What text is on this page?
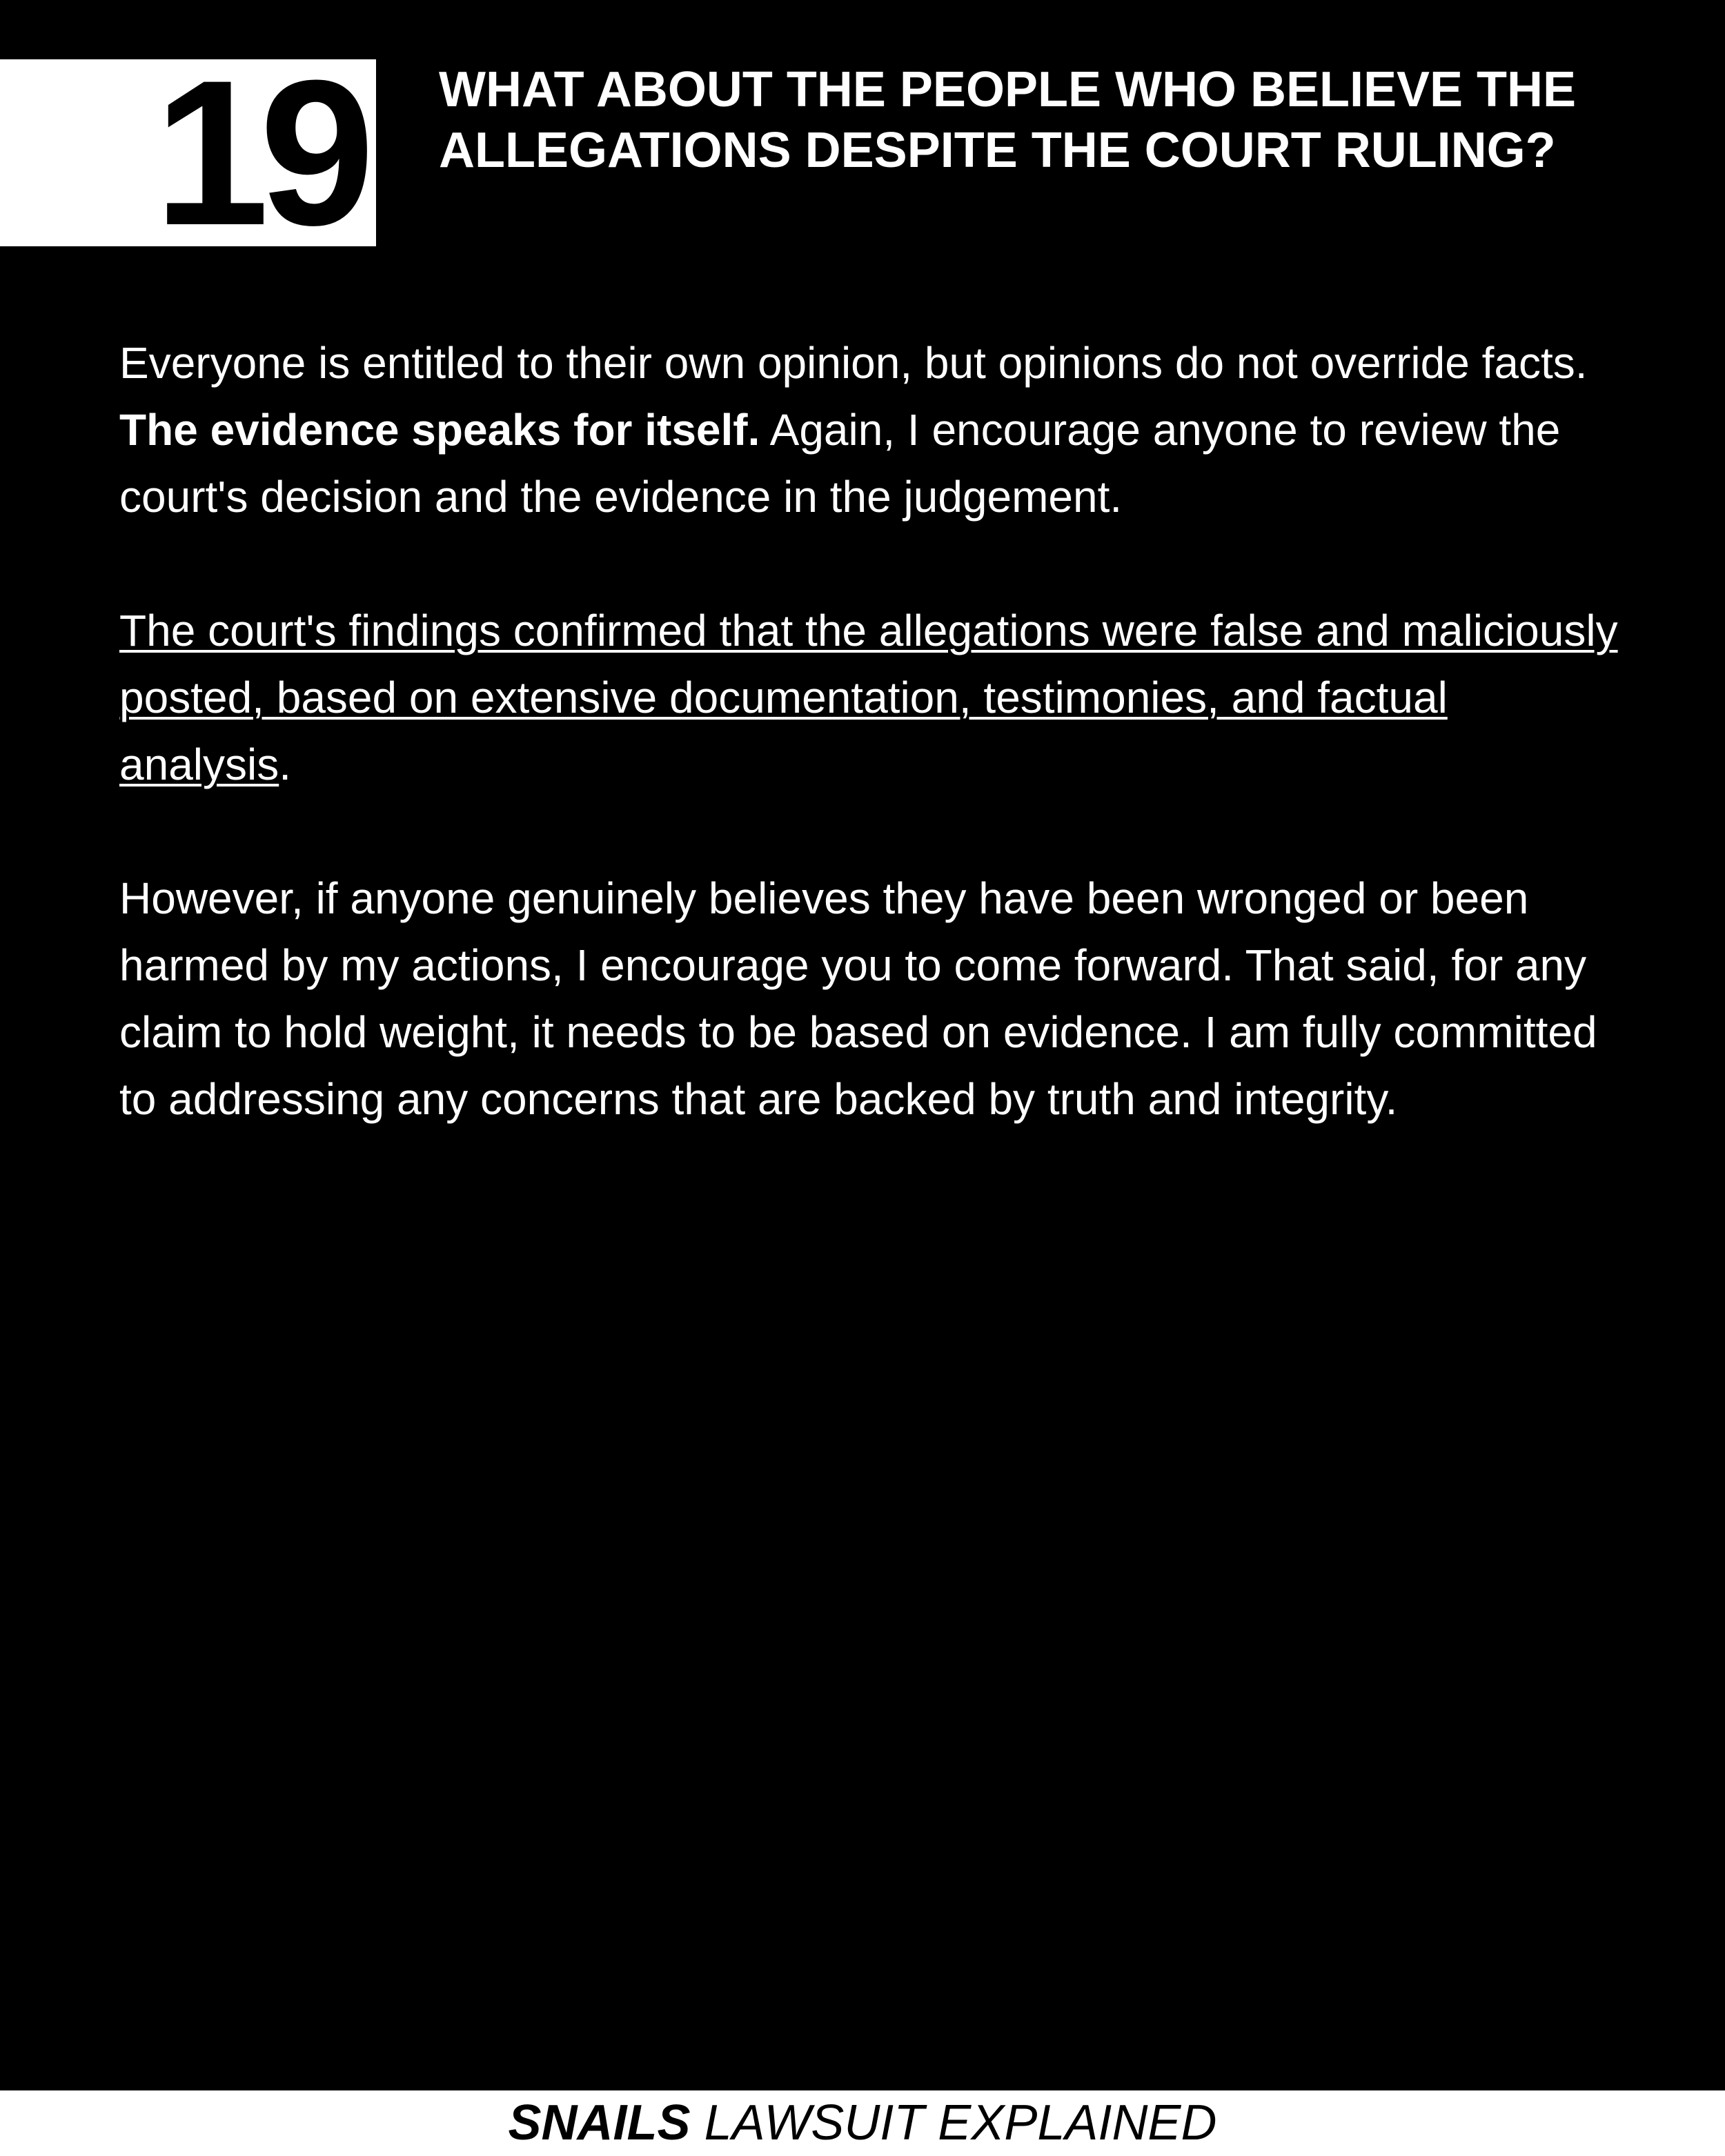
19 WHAT ABOUT THE PEOPLE WHO BELIEVE THE ALLEGATIONS DESPITE THE COURT RULING?

Everyone is entitled to their own opinion, but opinions do not override facts. The evidence speaks for itself. Again, I encourage anyone to review the court's decision and the evidence in the judgement.

The court's findings confirmed that the allegations were false and maliciously posted, based on extensive documentation, testimonies, and factual analysis.

However, if anyone genuinely believes they have been wronged or been harmed by my actions, I encourage you to come forward. That said, for any claim to hold weight, it needs to be based on evidence. I am fully committed to addressing any concerns that are backed by truth and integrity.

SNAILS LAWSUIT EXPLAINED
